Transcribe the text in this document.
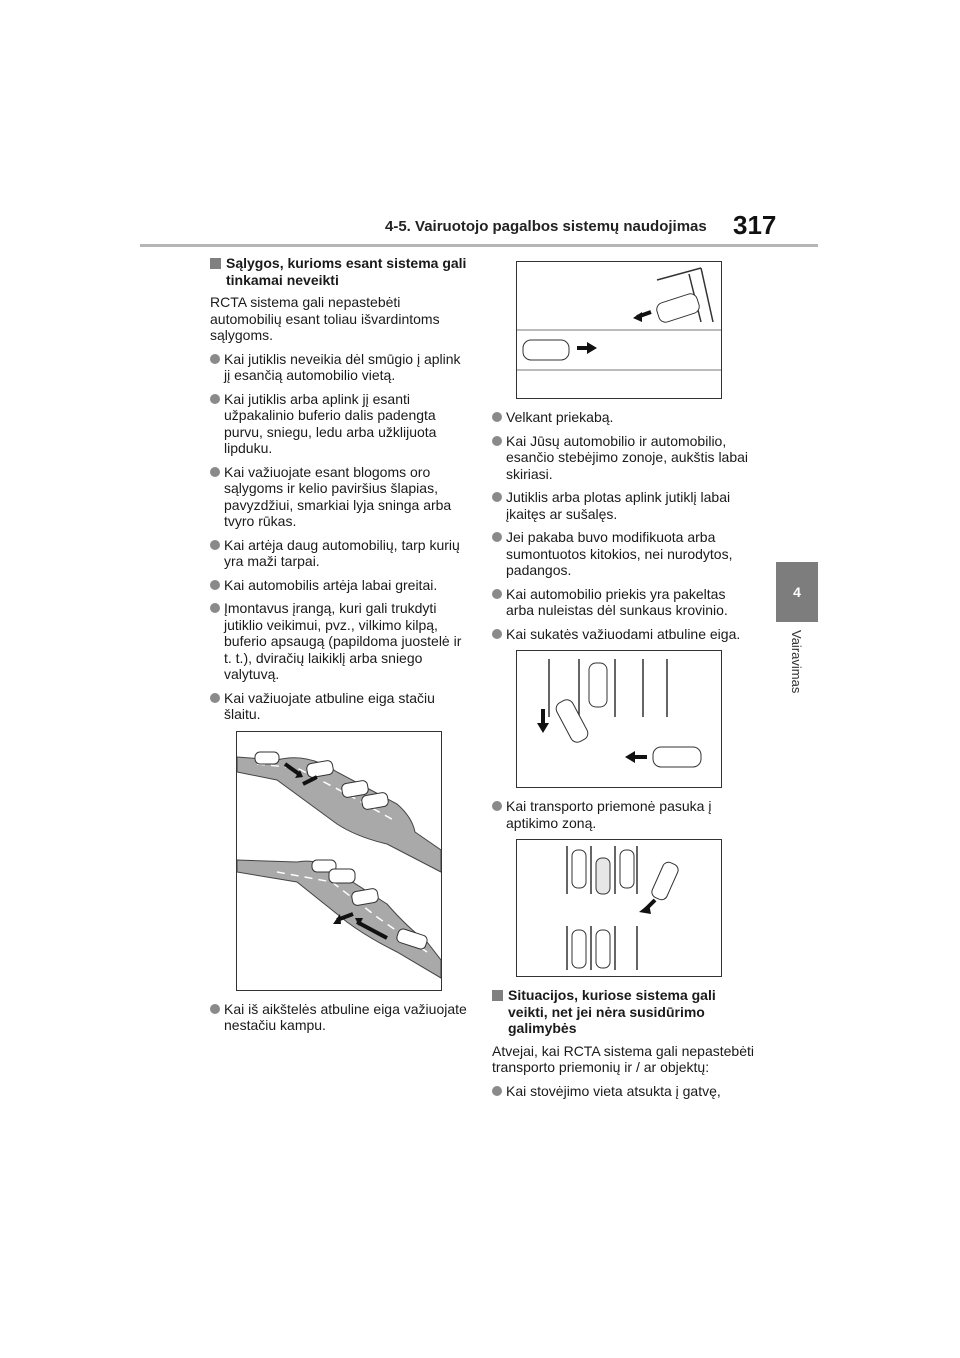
4-5. Vairuotojo pagalbos sistemų naudojimas 317
4
Vairavimas
Sąlygos, kurioms esant sistema gali tinkamai neveikti

RCTA sistema gali nepastebėti automobilių esant toliau išvardintoms sąlygoms.

Kai jutiklis neveikia dėl smūgio į aplink jį esančią automobilio vietą.
Kai jutiklis arba aplink jį esanti užpakalinio buferio dalis padengta purvu, sniegu, ledu arba užklijuota lipduku.
Kai važiuojate esant blogoms oro sąlygoms ir kelio paviršius šlapias, pavyzdžiui, smarkiai lyja sninga arba tvyro rūkas.
Kai artėja daug automobilių, tarp kurių yra maži tarpai.
Kai automobilis artėja labai greitai.
Įmontavus įrangą, kuri gali trukdyti jutiklio veikimui, pvz., vilkimo kilpą, buferio apsaugą (papildoma juostelė ir t. t.), dviračių laikiklį arba sniego valytuvą.
Kai važiuojate atbuline eiga stačiu šlaitu.
Kai iš aikštelės atbuline eiga važiuojate nestačiu kampu.
Velkant priekabą.
Kai Jūsų automobilio ir automobilio, esančio stebėjimo zonoje, aukštis labai skiriasi.
Jutiklis arba plotas aplink jutiklį labai įkaitęs ar sušalęs.
Jei pakaba buvo modifikuota arba sumontuotos kitokios, nei nurodytos, padangos.
Kai automobilio priekis yra pakeltas arba nuleistas dėl sunkaus krovinio.
Kai sukatės važiuodami atbuline eiga.
Kai transporto priemonė pasuka į aptikimo zoną.
Situacijos, kuriose sistema gali veikti, net jei nėra susidūrimo galimybės

Atvejai, kai RCTA sistema gali nepastebėti transporto priemonių ir / ar objektų:

Kai stovėjimo vieta atsukta į gatvę,
